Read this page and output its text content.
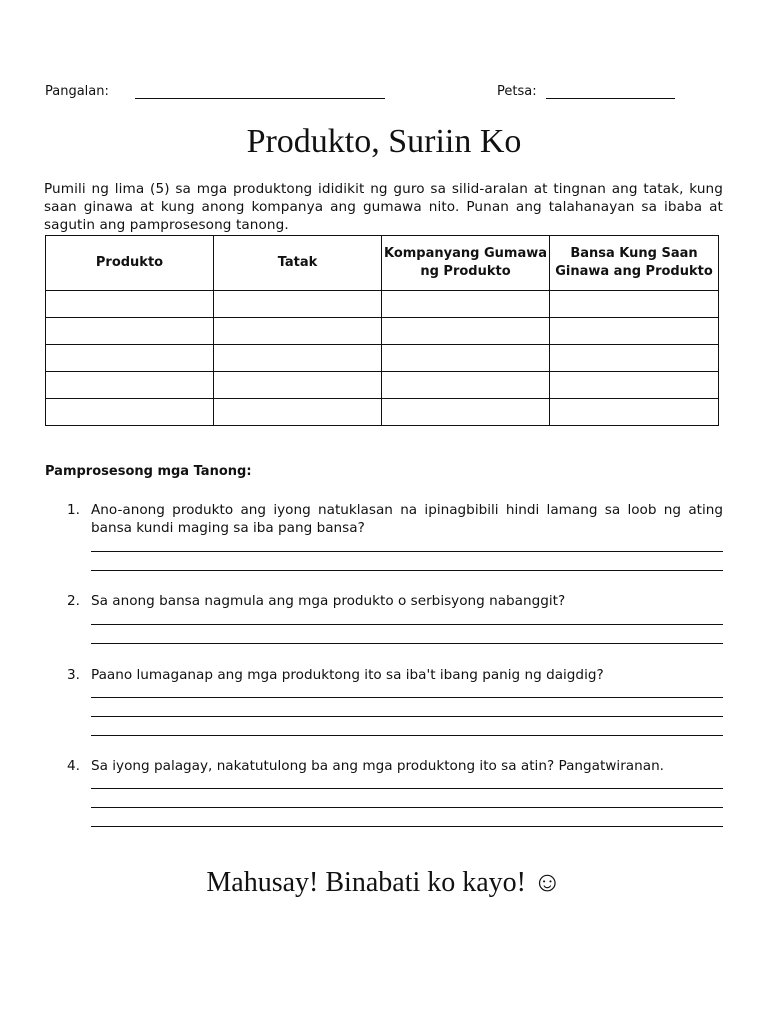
Pangalan:	Petsa:
Produkto, Suriin Ko
Pumili ng lima (5) sa mga produktong ididikit ng guro sa silid-aralan at tingnan ang tatak, kung saan ginawa at kung anong kompanya ang gumawa nito. Punan ang talahanayan sa ibaba at sagutin ang pamprosesong tanong.
Produkto	Tatak	Kompanyang Gumawa ng Produkto	Bansa Kung Saan Ginawa ang Produkto

Pamprosesong mga Tanong:
1. Ano-anong produkto ang iyong natuklasan na ipinagbibili hindi lamang sa loob ng ating bansa kundi maging sa iba pang bansa?
2. Sa anong bansa nagmula ang mga produkto o serbisyong nabanggit?
3. Paano lumaganap ang mga produktong ito sa iba't ibang panig ng daigdig?
4. Sa iyong palagay, nakatutulong ba ang mga produktong ito sa atin? Pangatwiranan.
Mahusay! Binabati ko kayo! ☺
